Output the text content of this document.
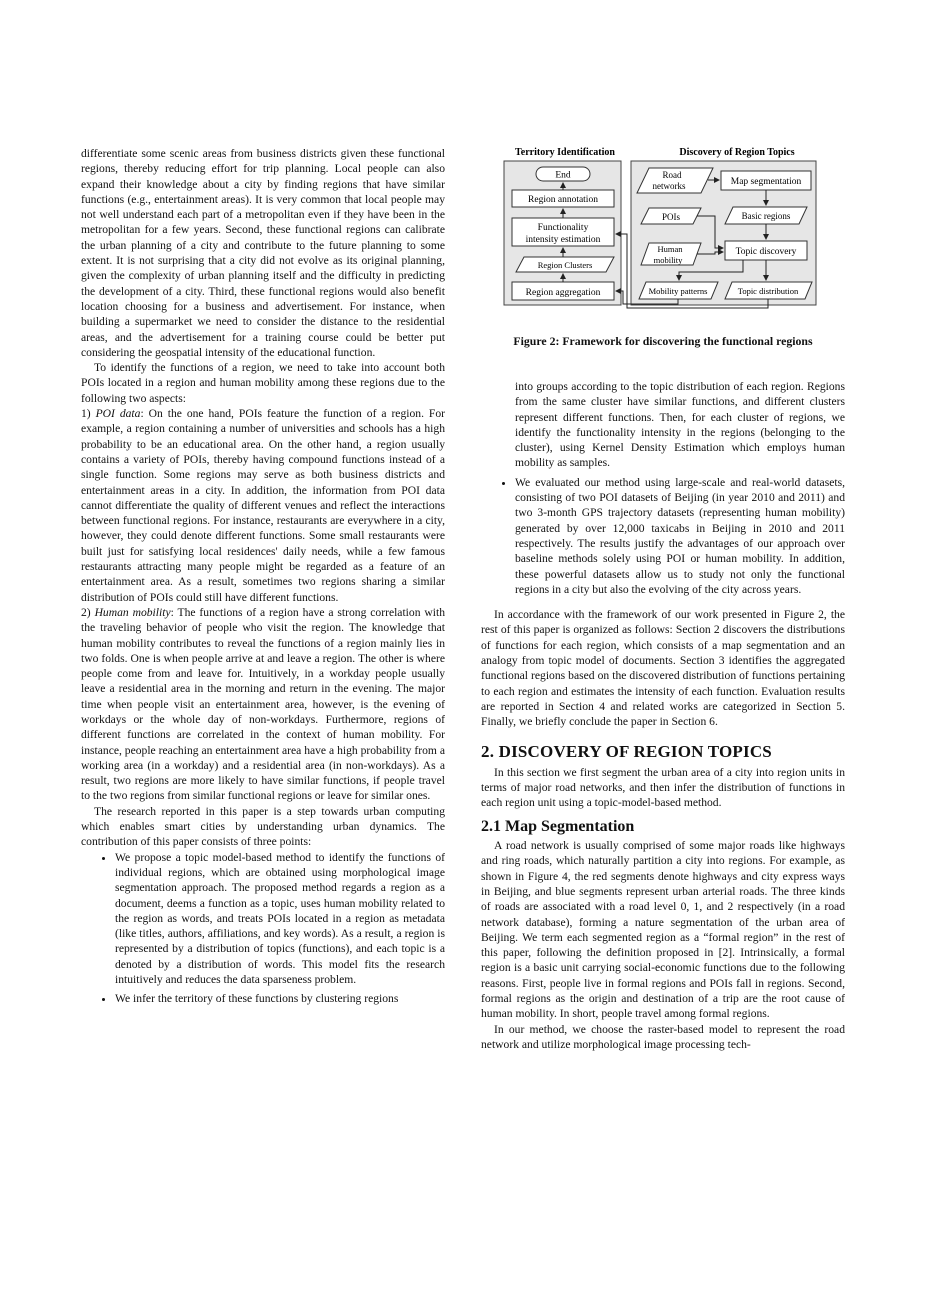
differentiate some scenic areas from business districts given these functional regions, thereby reducing effort for trip planning. Local people can also expand their knowledge about a city by finding regions that have similar functions (e.g., entertainment areas). It is very common that local people may not well understand each part of a metropolitan even if they have been in the metropolitan for a few years. Second, these functional regions can calibrate the urban planning of a city and contribute to the future planning to some extent. It is not surprising that a city did not evolve as its original planning, given the complexity of urban planning itself and the difficulty in predicting the development of a city. Third, these functional regions would also benefit location choosing for a business and advertisement. For instance, when building a supermarket we need to consider the distance to the residential areas, and the advertisement for a training course could be better put considering the geospatial intensity of the educational function.

To identify the functions of a region, we need to take into account both POIs located in a region and human mobility among these regions due to the following two aspects:

1) POI data: On the one hand, POIs feature the function of a region. For example, a region containing a number of universities and schools has a high probability to be an educational area. On the other hand, a region usually contains a variety of POIs, thereby having compound functions instead of a single function. Some regions may serve as both business districts and entertainment areas in a city. In addition, the information from POI data cannot differentiate the quality of different venues and reflect the interactions between functional regions. For instance, restaurants are everywhere in a city, however, they could denote different functions. Some small restaurants were built just for satisfying local residences' daily needs, while a few famous restaurants attracting many people might be regarded as a feature of an entertainment area. As a result, sometimes two regions sharing a similar distribution of POIs could still have different functions.

2) Human mobility: The functions of a region have a strong correlation with the traveling behavior of people who visit the region. The knowledge that human mobility contributes to reveal the functions of a region mainly lies in two folds. One is when people arrive at and leave a region. The other is where people come from and leave for. Intuitively, in a workday people usually leave a residential area in the morning and return in the evening. The major time when people visit an entertainment area, however, is the evening of workdays or the whole day of non-workdays. Furthermore, regions of different functions are correlated in the context of human mobility. For instance, people reaching an entertainment area have a high probability from a working area (in a workday) and a residential area (in non-workdays). As a result, two regions are more likely to have similar functions, if people travel to the two regions from similar functional regions or leave for similar ones.

The research reported in this paper is a step towards urban computing which enables smart cities by understanding urban dynamics. The contribution of this paper consists of three points:

• We propose a topic model-based method to identify the functions of individual regions, which are obtained using morphological image segmentation approach. The proposed method regards a region as a document, deems a function as a topic, uses human mobility related to the region as words, and treats POIs located in a region as metadata (like titles, authors, affiliations, and key words). As a result, a region is represented by a distribution of topics (functions), and each topic is a denoted by a distribution of words. This model fits the research intuitively and reduces the data sparseness problem.
• We infer the territory of these functions by clustering regions
Territory Identification	Discovery of Region Topics
End
Region annotation
Functionality
intensity estimation
Region Clusters
Region aggregation
Road
networks	Map segmentation
POIs	Basic regions
Human
mobility
Topic discovery
Mobility patterns	Topic distribution
Figure 2: Framework for discovering the functional regions
into groups according to the topic distribution of each region. Regions from the same cluster have similar functions, and different clusters represent different functions. Then, for each cluster of regions, we identify the functionality intensity in the regions (belonging to the cluster), using Kernel Density Estimation which employs human mobility as samples.
• We evaluated our method using large-scale and real-world datasets, consisting of two POI datasets of Beijing (in year 2010 and 2011) and two 3-month GPS trajectory datasets (representing human mobility) generated by over 12,000 taxicabs in Beijing in 2010 and 2011 respectively. The results justify the advantages of our approach over baseline methods solely using POI or human mobility. In addition, these powerful datasets allow us to study not only the functional regions in a city but also the evolving of the city across years.

In accordance with the framework of our work presented in Figure 2, the rest of this paper is organized as follows: Section 2 discovers the distributions of functions for each region, which consists of a map segmentation and an analogy from topic model of documents. Section 3 identifies the aggregated functional regions based on the discovered distribution of functions pertaining to each region and estimates the intensity of each function. Evaluation results are reported in Section 4 and related works are categorized in Section 5. Finally, we briefly conclude the paper in Section 6.

2. DISCOVERY OF REGION TOPICS

In this section we first segment the urban area of a city into region units in terms of major road networks, and then infer the distribution of functions in each region unit using a topic-model-based method.

2.1 Map Segmentation

A road network is usually comprised of some major roads like highways and ring roads, which naturally partition a city into regions. For example, as shown in Figure 4, the red segments denote highways and city express ways in Beijing, and blue segments represent urban arterial roads. The three kinds of roads are associated with a road level 0, 1, and 2 respectively (in a road network database), forming a nature segmentation of the urban area of Beijing. We term each segmented region as a “formal region” in the rest of this paper, following the definition proposed in [2]. Intrinsically, a formal region is a basic unit carrying social-economic functions due to the following reasons. First, people live in formal regions and POIs fall in regions. Second, formal regions as the origin and destination of a trip are the root cause of human mobility. In short, people travel among formal regions.

In our method, we choose the raster-based model to represent the road network and utilize morphological image processing tech-
